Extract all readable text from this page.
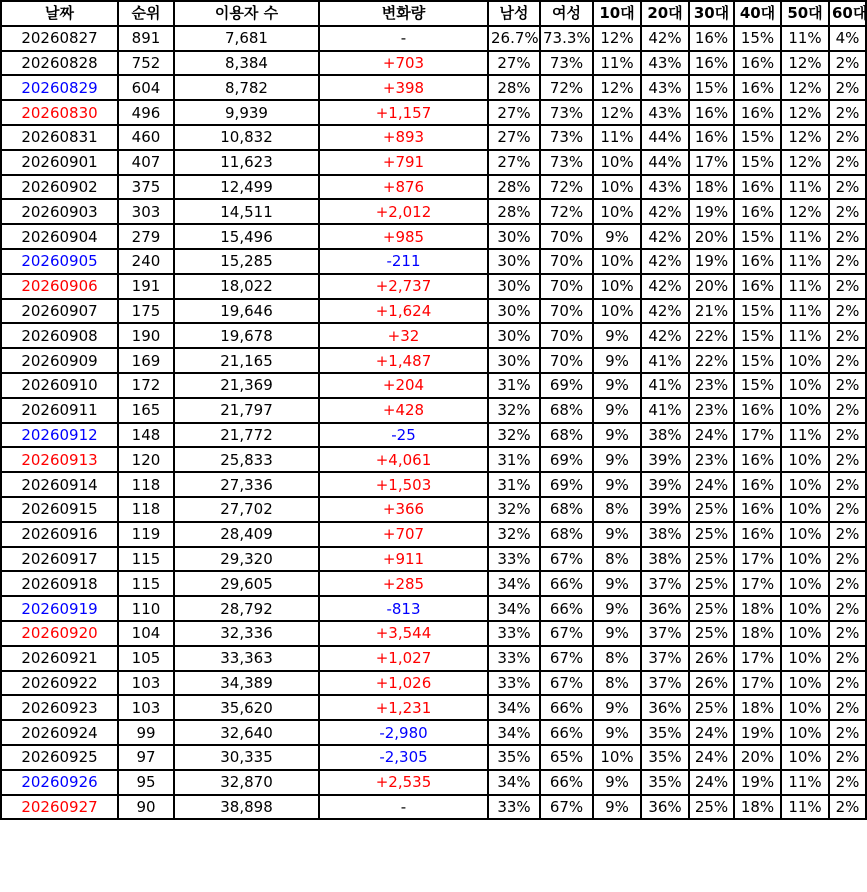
날짜	순위	이용자 수	변화량	남성	여성	10대	20대	30대	40대	50대	60대
20260827	891	7,681	-	26.7%	73.3%	12%	42%	16%	15%	11%	4%
20260828	752	8,384	+703	27%	73%	11%	43%	16%	16%	12%	2%
20260829	604	8,782	+398	28%	72%	12%	43%	15%	16%	12%	2%
20260830	496	9,939	+1,157	27%	73%	12%	43%	16%	16%	12%	2%
20260831	460	10,832	+893	27%	73%	11%	44%	16%	15%	12%	2%
20260901	407	11,623	+791	27%	73%	10%	44%	17%	15%	12%	2%
20260902	375	12,499	+876	28%	72%	10%	43%	18%	16%	11%	2%
20260903	303	14,511	+2,012	28%	72%	10%	42%	19%	16%	12%	2%
20260904	279	15,496	+985	30%	70%	9%	42%	20%	15%	11%	2%
20260905	240	15,285	-211	30%	70%	10%	42%	19%	16%	11%	2%
20260906	191	18,022	+2,737	30%	70%	10%	42%	20%	16%	11%	2%
20260907	175	19,646	+1,624	30%	70%	10%	42%	21%	15%	11%	2%
20260908	190	19,678	+32	30%	70%	9%	42%	22%	15%	11%	2%
20260909	169	21,165	+1,487	30%	70%	9%	41%	22%	15%	10%	2%
20260910	172	21,369	+204	31%	69%	9%	41%	23%	15%	10%	2%
20260911	165	21,797	+428	32%	68%	9%	41%	23%	16%	10%	2%
20260912	148	21,772	-25	32%	68%	9%	38%	24%	17%	11%	2%
20260913	120	25,833	+4,061	31%	69%	9%	39%	23%	16%	10%	2%
20260914	118	27,336	+1,503	31%	69%	9%	39%	24%	16%	10%	2%
20260915	118	27,702	+366	32%	68%	8%	39%	25%	16%	10%	2%
20260916	119	28,409	+707	32%	68%	9%	38%	25%	16%	10%	2%
20260917	115	29,320	+911	33%	67%	8%	38%	25%	17%	10%	2%
20260918	115	29,605	+285	34%	66%	9%	37%	25%	17%	10%	2%
20260919	110	28,792	-813	34%	66%	9%	36%	25%	18%	10%	2%
20260920	104	32,336	+3,544	33%	67%	9%	37%	25%	18%	10%	2%
20260921	105	33,363	+1,027	33%	67%	8%	37%	26%	17%	10%	2%
20260922	103	34,389	+1,026	33%	67%	8%	37%	26%	17%	10%	2%
20260923	103	35,620	+1,231	34%	66%	9%	36%	25%	18%	10%	2%
20260924	99	32,640	-2,980	34%	66%	9%	35%	24%	19%	10%	2%
20260925	97	30,335	-2,305	35%	65%	10%	35%	24%	20%	10%	2%
20260926	95	32,870	+2,535	34%	66%	9%	35%	24%	19%	11%	2%
20260927	90	38,898	-	33%	67%	9%	36%	25%	18%	11%	2%
